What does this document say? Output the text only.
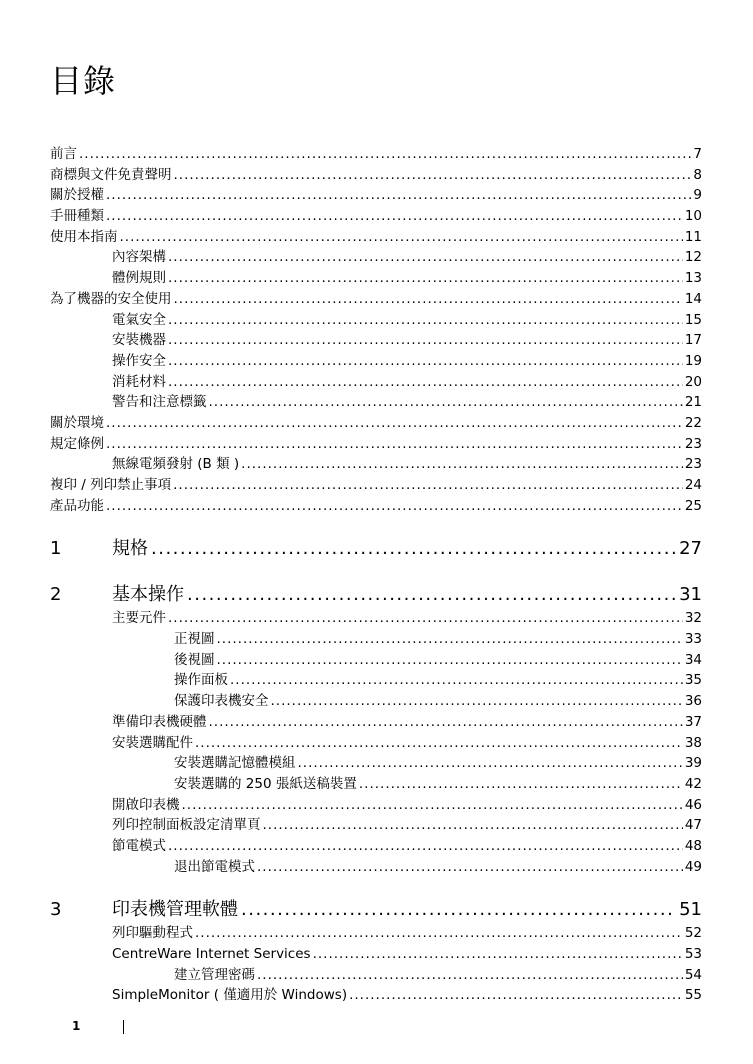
目錄
前言 .....	7
商標與文件免責聲明 .....	8
關於授權 .....	9
手冊種類 .....	10
使用本指南 .....	11
內容架構 .....	12
體例規則 .....	13
為了機器的安全使用 .....	14
電氣安全 .....	15
安裝機器 .....	17
操作安全 .....	19
消耗材料 .....	20
警告和注意標籤 .....	21
關於環境 .....	22
規定條例 .....	23
無線電頻發射 (B 類 ) .....	23
複印 / 列印禁止事項 .....	24
產品功能 .....	25
1	規格 .....	27
2	基本操作 .....	31
主要元件 .....	32
正視圖 .....	33
後視圖 .....	34
操作面板 .....	35
保護印表機安全 .....	36
準備印表機硬體 .....	37
安裝選購配件 .....	38
安裝選購記憶體模組 .....	39
安裝選購的 250 張紙送稿裝置 .....	42
開啟印表機 .....	46
列印控制面板設定清單頁 .....	47
節電模式 .....	48
退出節電模式 .....	49
3	印表機管理軟體 .....	51
列印驅動程式 .....	52
CentreWare Internet Services .....	53
建立管理密碼 .....	54
SimpleMonitor ( 僅適用於 Windows) .....	55
1
